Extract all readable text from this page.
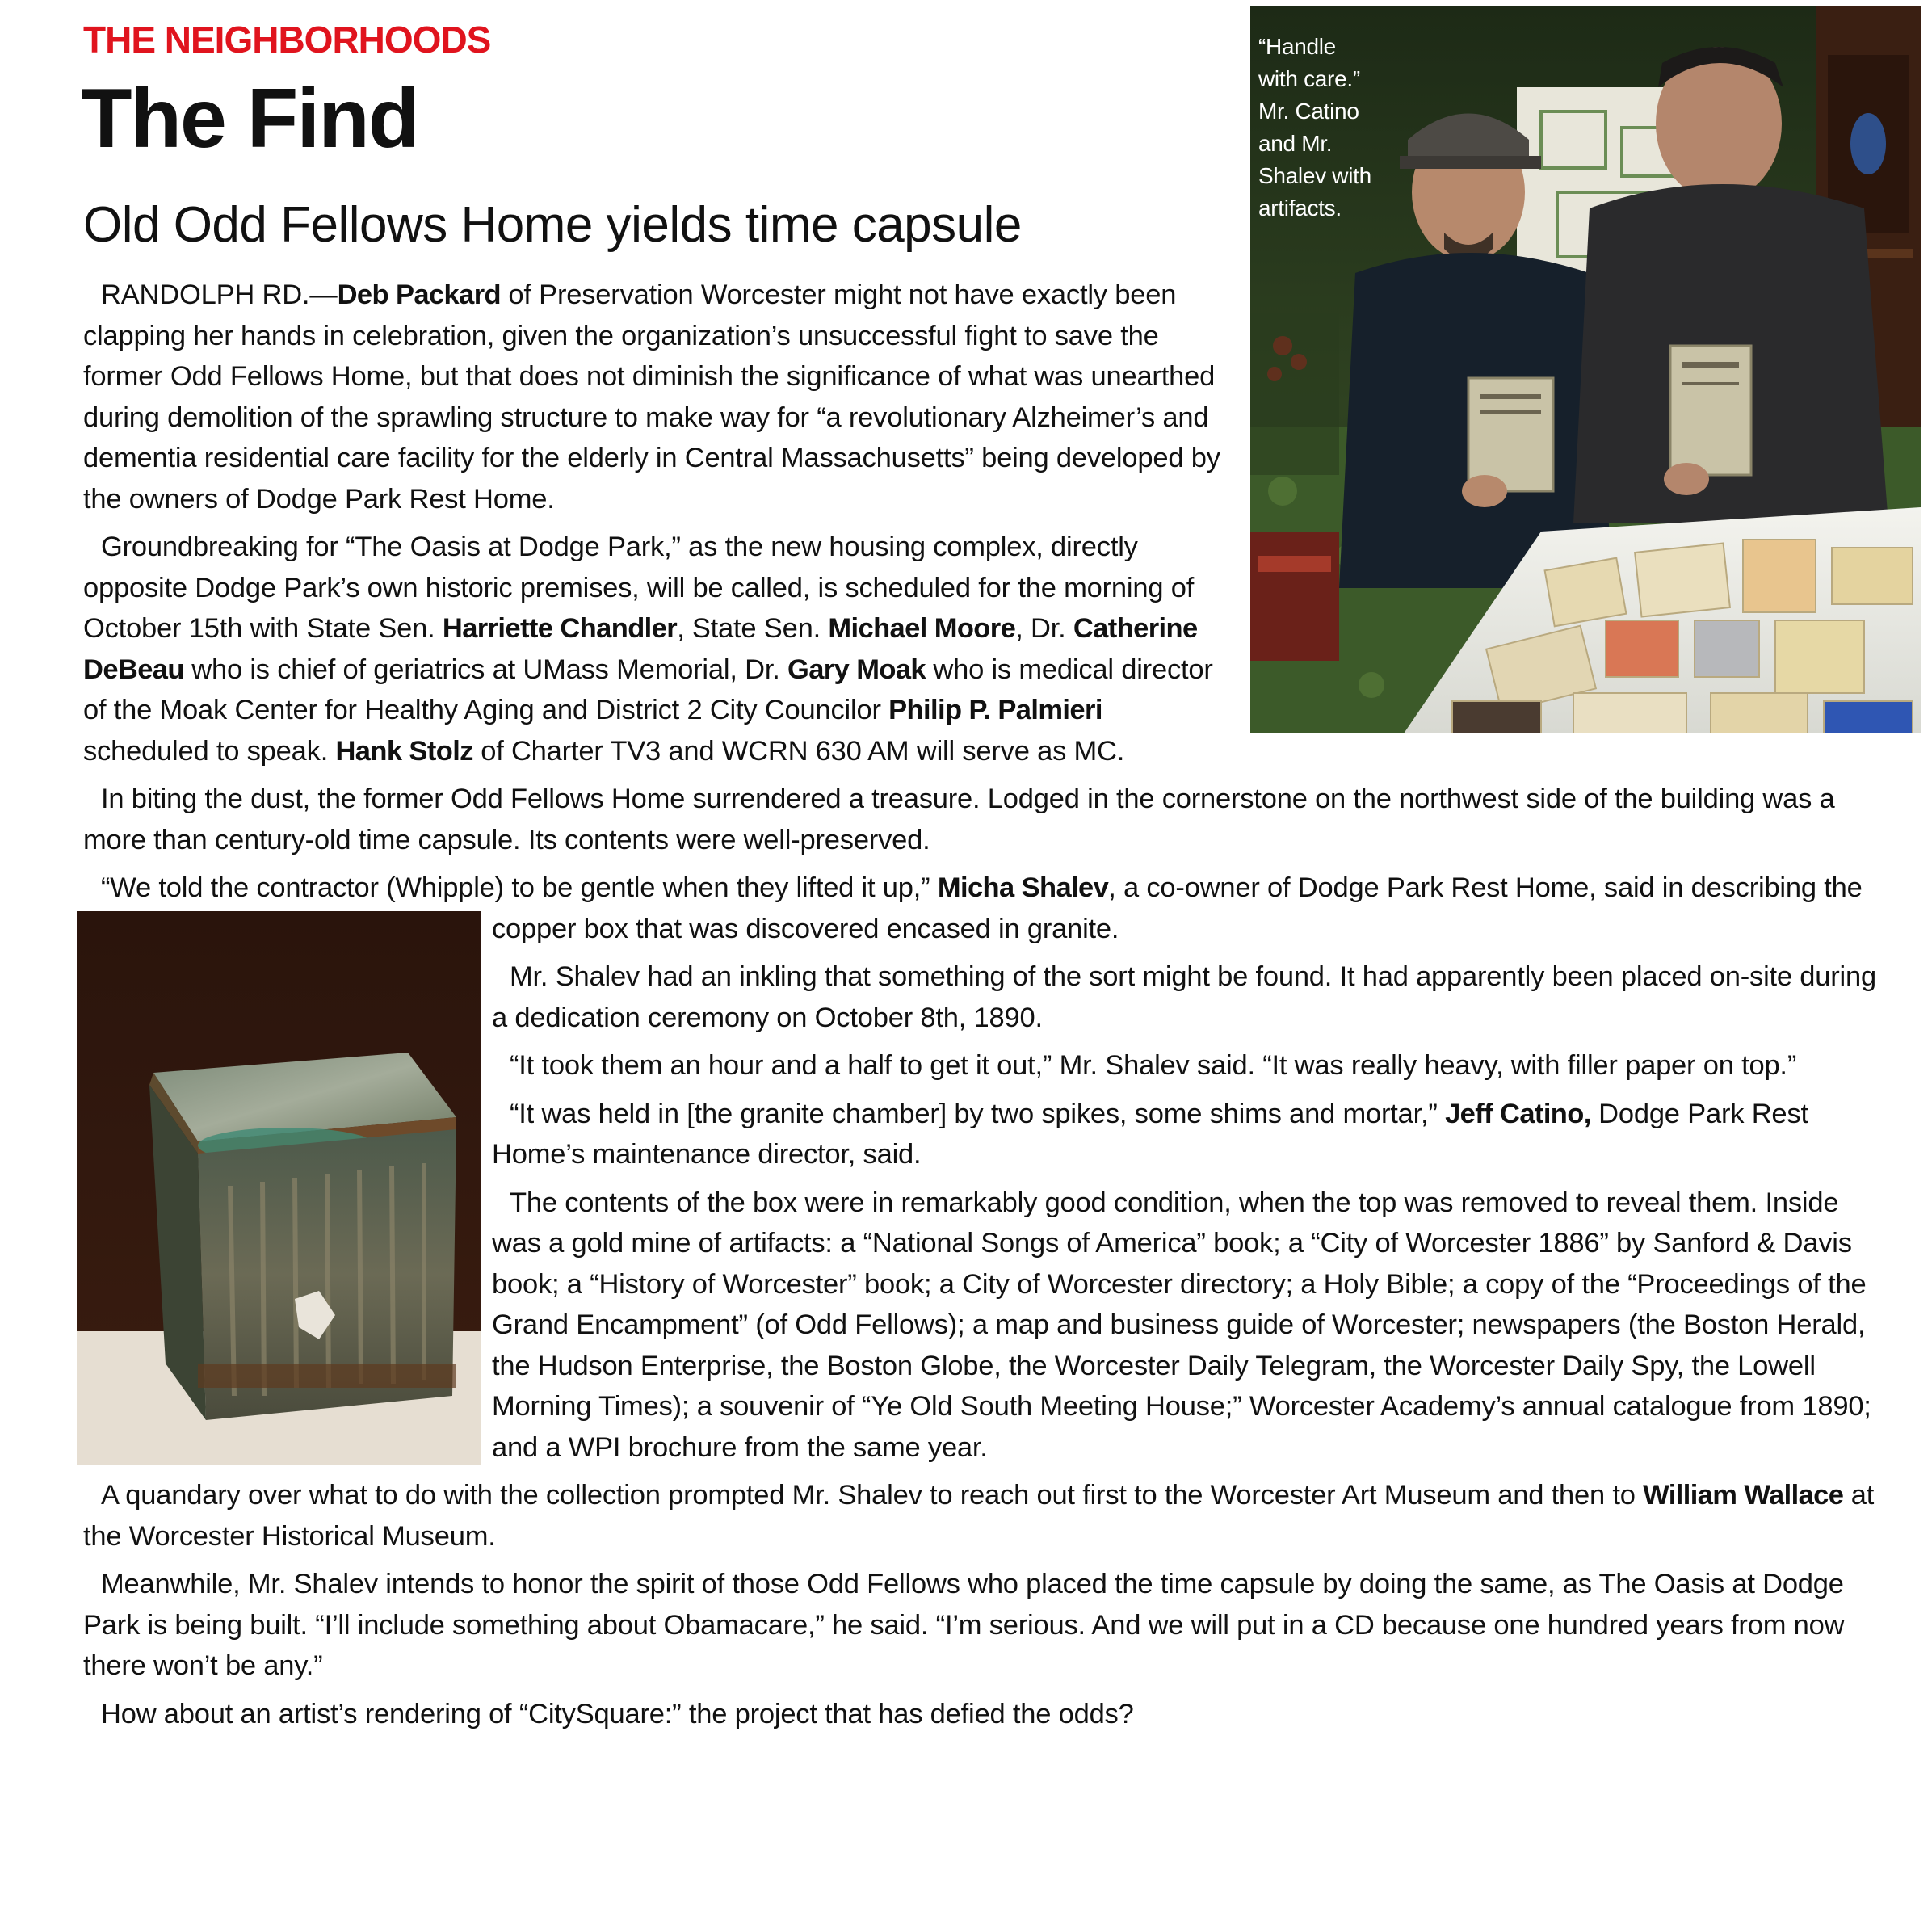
THE NEIGHBORHOODS
The Find
Old Odd Fellows Home yields time capsule
“Handle with care.” Mr. Catino and Mr. Shalev with artifacts.

RANDOLPH RD.—Deb Packard of Preservation Worcester might not have exactly been clapping her hands in celebration, given the organization’s unsuccessful fight to save the former Odd Fellows Home, but that does not diminish the significance of what was unearthed during demolition of the sprawling structure to make way for “a revolutionary Alzheimer’s and dementia residential care facility for the elderly in Central Massachusetts” being developed by the owners of Dodge Park Rest Home.

Groundbreaking for “The Oasis at Dodge Park,” as the new housing complex, directly opposite Dodge Park’s own historic premises, will be called, is scheduled for the morning of October 15th with State Sen. Harriette Chandler, State Sen. Michael Moore, Dr. Catherine DeBeau who is chief of geriatrics at UMass Memorial, Dr. Gary Moak who is medical director of the Moak Center for Healthy Aging and District 2 City Councilor Philip P. Palmieri scheduled to speak. Hank Stolz of Charter TV3 and WCRN 630 AM will serve as MC.

In biting the dust, the former Odd Fellows Home surrendered a treasure. Lodged in the cornerstone on the northwest side of the building was a more than century-old time capsule. Its contents were well-preserved.

“We told the contractor (Whipple) to be gentle when they lifted it up,” Micha Shalev, a co-owner of Dodge Park Rest Home, said in describing the copper box that was discovered encased in granite.

Mr. Shalev had an inkling that something of the sort might be found. It had apparently been placed on-site during a dedication ceremony on October 8th, 1890.

“It took them an hour and a half to get it out,” Mr. Shalev said. “It was really heavy, with filler paper on top.”

“It was held in [the granite chamber] by two spikes, some shims and mortar,” Jeff Catino, Dodge Park Rest Home’s maintenance director, said.

The contents of the box were in remarkably good condition, when the top was removed to reveal them. Inside was a gold mine of artifacts: a “National Songs of America” book; a “City of Worcester 1886” by Sanford & Davis book; a “History of Worcester” book; a City of Worcester directory; a Holy Bible; a copy of the “Proceedings of the Grand Encampment” (of Odd Fellows); a map and business guide of Worcester; newspapers (the Boston Herald, the Hudson Enterprise, the Boston Globe, the Worcester Daily Telegram, the Worcester Daily Spy, the Lowell Morning Times); a souvenir of “Ye Old South Meeting House;” Worcester Academy’s annual catalogue from 1890; and a WPI brochure from the same year.

A quandary over what to do with the collection prompted Mr. Shalev to reach out first to the Worcester Art Museum and then to William Wallace at the Worcester Historical Museum.

Meanwhile, Mr. Shalev intends to honor the spirit of those Odd Fellows who placed the time capsule by doing the same, as The Oasis at Dodge Park is being built. “I’ll include something about Obamacare,” he said. “I’m serious. And we will put in a CD because one hundred years from now there won’t be any.”

How about an artist’s rendering of “CitySquare:” the project that has defied the odds?
